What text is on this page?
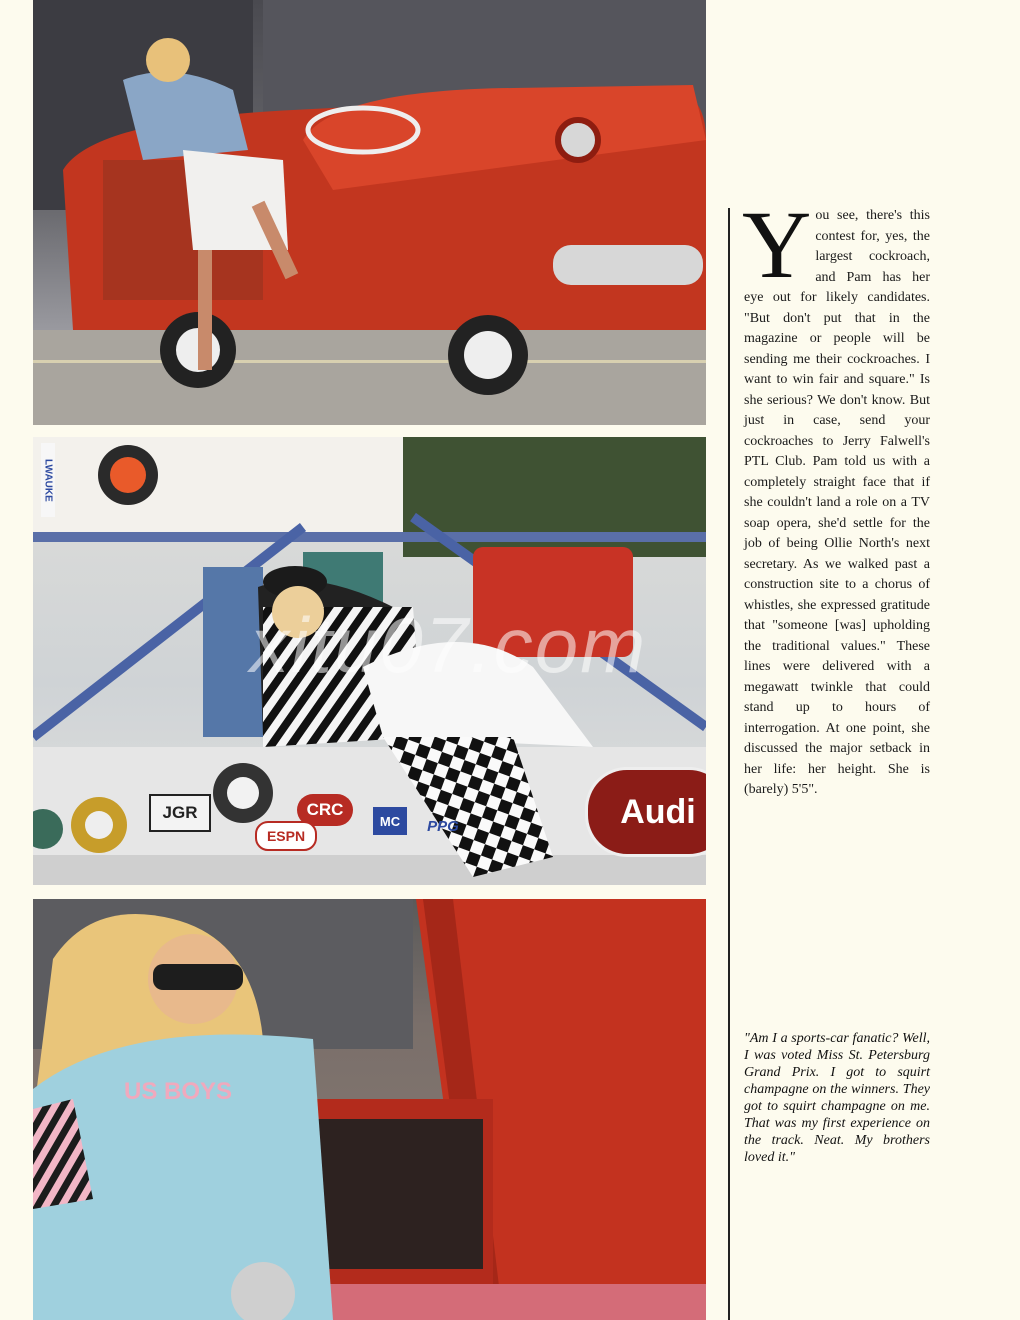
JGR	CRC
ESPN
MC	PPG	Audi
LWAUKE
US BOYS
xitu07.com
You see, there's this contest for, yes, the largest cockroach, and Pam has her eye out for likely candidates. "But don't put that in the magazine or people will be sending me their cockroaches. I want to win fair and square." Is she serious? We don't know. But just in case, send your cockroaches to Jerry Falwell's PTL Club. Pam told us with a completely straight face that if she couldn't land a role on a TV soap opera, she'd settle for the job of being Ollie North's next secretary. As we walked past a construction site to a chorus of whistles, she expressed gratitude that "someone [was] upholding the traditional values." These lines were delivered with a megawatt twinkle that could stand up to hours of interrogation. At one point, she discussed the major setback in her life: her height. She is (barely) 5'5".
"Am I a sports-car fanatic? Well, I was voted Miss St. Petersburg Grand Prix. I got to squirt champagne on the winners. They got to squirt champagne on me. That was my first experience on the track. Neat. My brothers loved it."
